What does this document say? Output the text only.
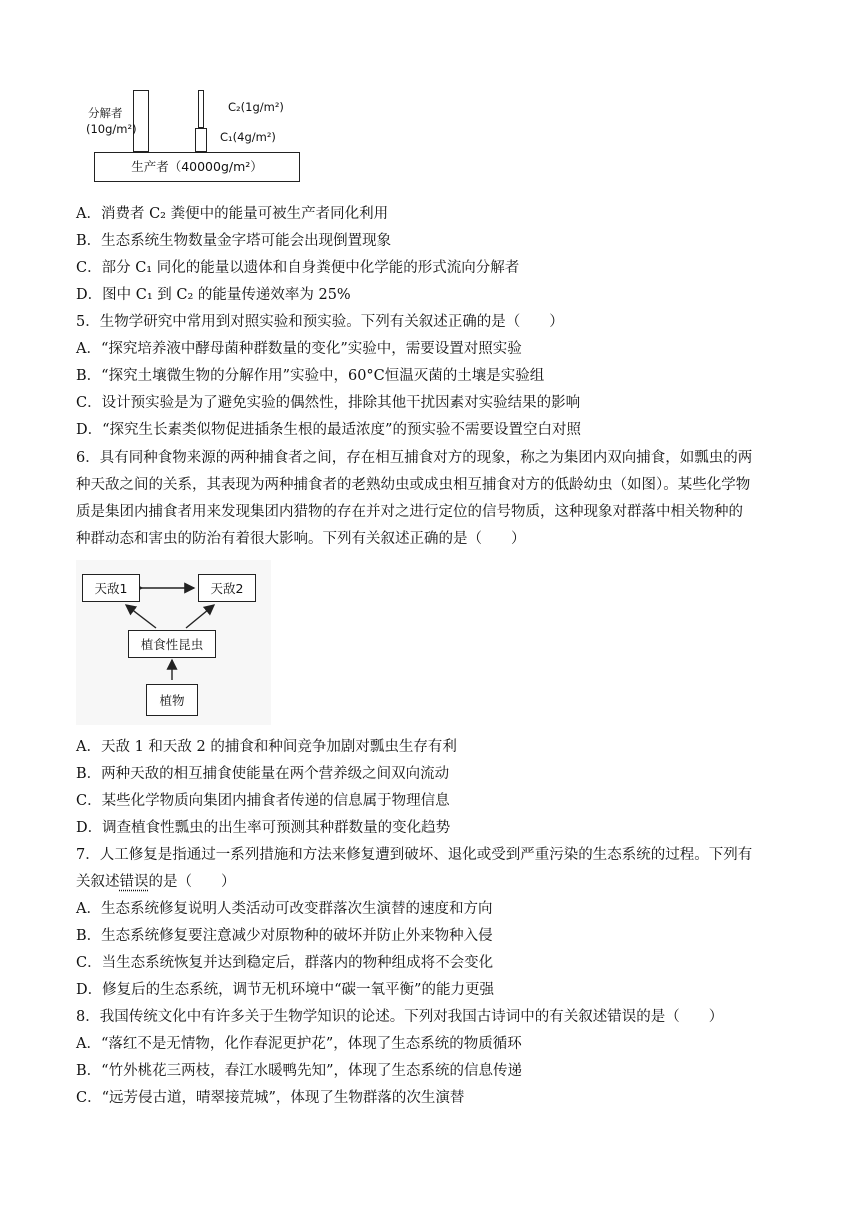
分解者
(10g/m²)
C₂(1g/m²)
C₁(4g/m²)
生产者（40000g/m²）
A．消费者 C₂ 粪便中的能量可被生产者同化利用
B．生态系统生物数量金字塔可能会出现倒置现象
C．部分 C₁ 同化的能量以遗体和自身粪便中化学能的形式流向分解者
D．图中 C₁ 到 C₂ 的能量传递效率为 25%
5．生物学研究中常用到对照实验和预实验。下列有关叙述正确的是（　　）
A．“探究培养液中酵母菌种群数量的变化”实验中，需要设置对照实验
B．“探究土壤微生物的分解作用”实验中，60°C恒温灭菌的土壤是实验组
C．设计预实验是为了避免实验的偶然性，排除其他干扰因素对实验结果的影响
D．“探究生长素类似物促进插条生根的最适浓度”的预实验不需要设置空白对照
6．具有同种食物来源的两种捕食者之间，存在相互捕食对方的现象，称之为集团内双向捕食，如瓢虫的两
种天敌之间的关系，其表现为两种捕食者的老熟幼虫或成虫相互捕食对方的低龄幼虫（如图）。某些化学物
质是集团内捕食者用来发现集团内猎物的存在并对之进行定位的信号物质，这种现象对群落中相关物种的
种群动态和害虫的防治有着很大影响。下列有关叙述正确的是（　　）
天敌1	天敌2
植食性昆虫
植物
A．天敌 1 和天敌 2 的捕食和种间竞争加剧对瓢虫生存有利
B．两种天敌的相互捕食使能量在两个营养级之间双向流动
C．某些化学物质向集团内捕食者传递的信息属于物理信息
D．调查植食性瓢虫的出生率可预测其种群数量的变化趋势
7．人工修复是指通过一系列措施和方法来修复遭到破坏、退化或受到严重污染的生态系统的过程。下列有
关叙述错误的是（　　）
A．生态系统修复说明人类活动可改变群落次生演替的速度和方向
B．生态系统修复要注意减少对原物种的破坏并防止外来物种入侵
C．当生态系统恢复并达到稳定后，群落内的物种组成将不会变化
D．修复后的生态系统，调节无机环境中“碳一氧平衡”的能力更强
8．我国传统文化中有许多关于生物学知识的论述。下列对我国古诗词中的有关叙述错误的是（　　）
A．“落红不是无情物，化作春泥更护花”，体现了生态系统的物质循环
B．“竹外桃花三两枝，春江水暖鸭先知”，体现了生态系统的信息传递
C．“远芳侵古道，晴翠接荒城”，体现了生物群落的次生演替
